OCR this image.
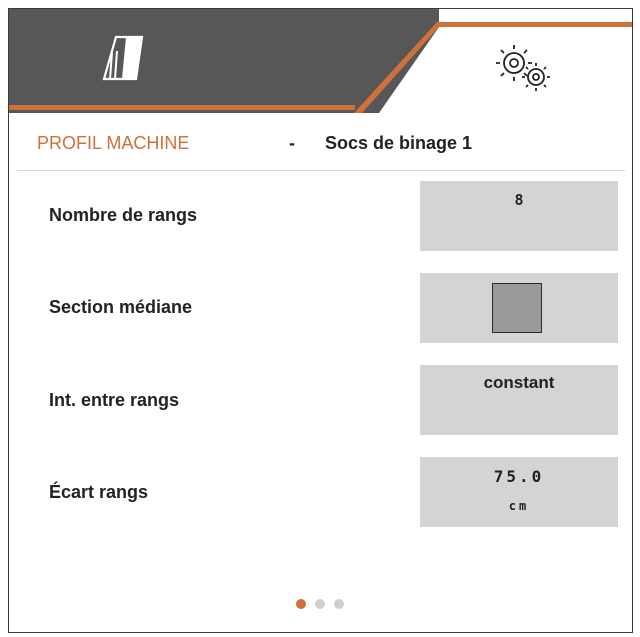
PROFIL MACHINE	- Socs de binage 1
Nombre de rangs
8
Section médiane
Int. entre rangs
constant
Écart rangs
75.0
cm
